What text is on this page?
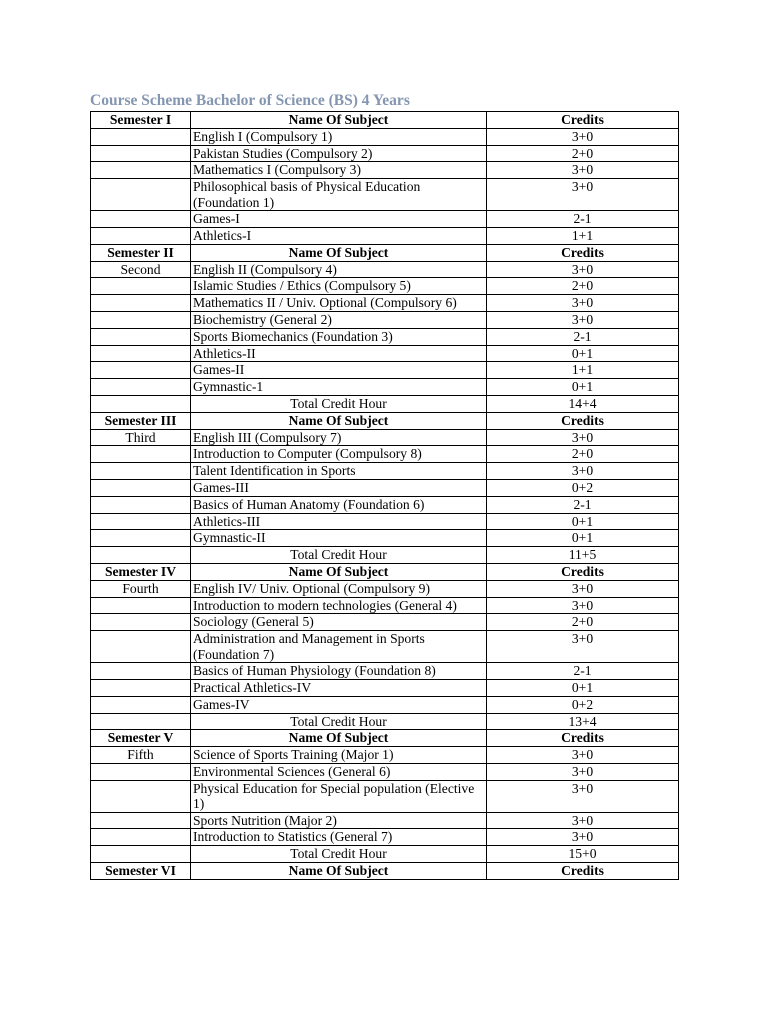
Course Scheme Bachelor of Science (BS) 4 Years
Semester I	Name Of Subject	Credits
	English I (Compulsory 1)	3+0
	Pakistan Studies (Compulsory 2)	2+0
	Mathematics I (Compulsory 3)	3+0
	Philosophical basis of Physical Education (Foundation 1)	3+0
	Games-I	2-1
	Athletics-I	1+1
Semester II	Name Of Subject	Credits
Second	English II (Compulsory 4)	3+0
	Islamic Studies / Ethics (Compulsory 5)	2+0
	Mathematics II / Univ. Optional (Compulsory 6)	3+0
	Biochemistry (General 2)	3+0
	Sports Biomechanics (Foundation 3)	2-1
	Athletics-II	0+1
	Games-II	1+1
	Gymnastic-1	0+1
	Total Credit Hour	14+4
Semester III	Name Of Subject	Credits
Third	English III (Compulsory 7)	3+0
	Introduction to Computer (Compulsory 8)	2+0
	Talent Identification in Sports	3+0
	Games-III	0+2
	Basics of Human Anatomy (Foundation 6)	2-1
	Athletics-III	0+1
	Gymnastic-II	0+1
	Total Credit Hour	11+5
Semester IV	Name Of Subject	Credits
Fourth	English IV/ Univ. Optional (Compulsory 9)	3+0
	Introduction to modern technologies (General 4)	3+0
	Sociology (General 5)	2+0
	Administration and Management in Sports (Foundation 7)	3+0
	Basics of Human Physiology (Foundation 8)	2-1
	Practical Athletics-IV	0+1
	Games-IV	0+2
	Total Credit Hour	13+4
Semester V	Name Of Subject	Credits
Fifth	Science of Sports Training (Major 1)	3+0
	Environmental Sciences (General 6)	3+0
	Physical Education for Special population (Elective 1)	3+0
	Sports Nutrition (Major 2)	3+0
	Introduction to Statistics (General 7)	3+0
	Total Credit Hour	15+0
Semester VI	Name Of Subject	Credits
